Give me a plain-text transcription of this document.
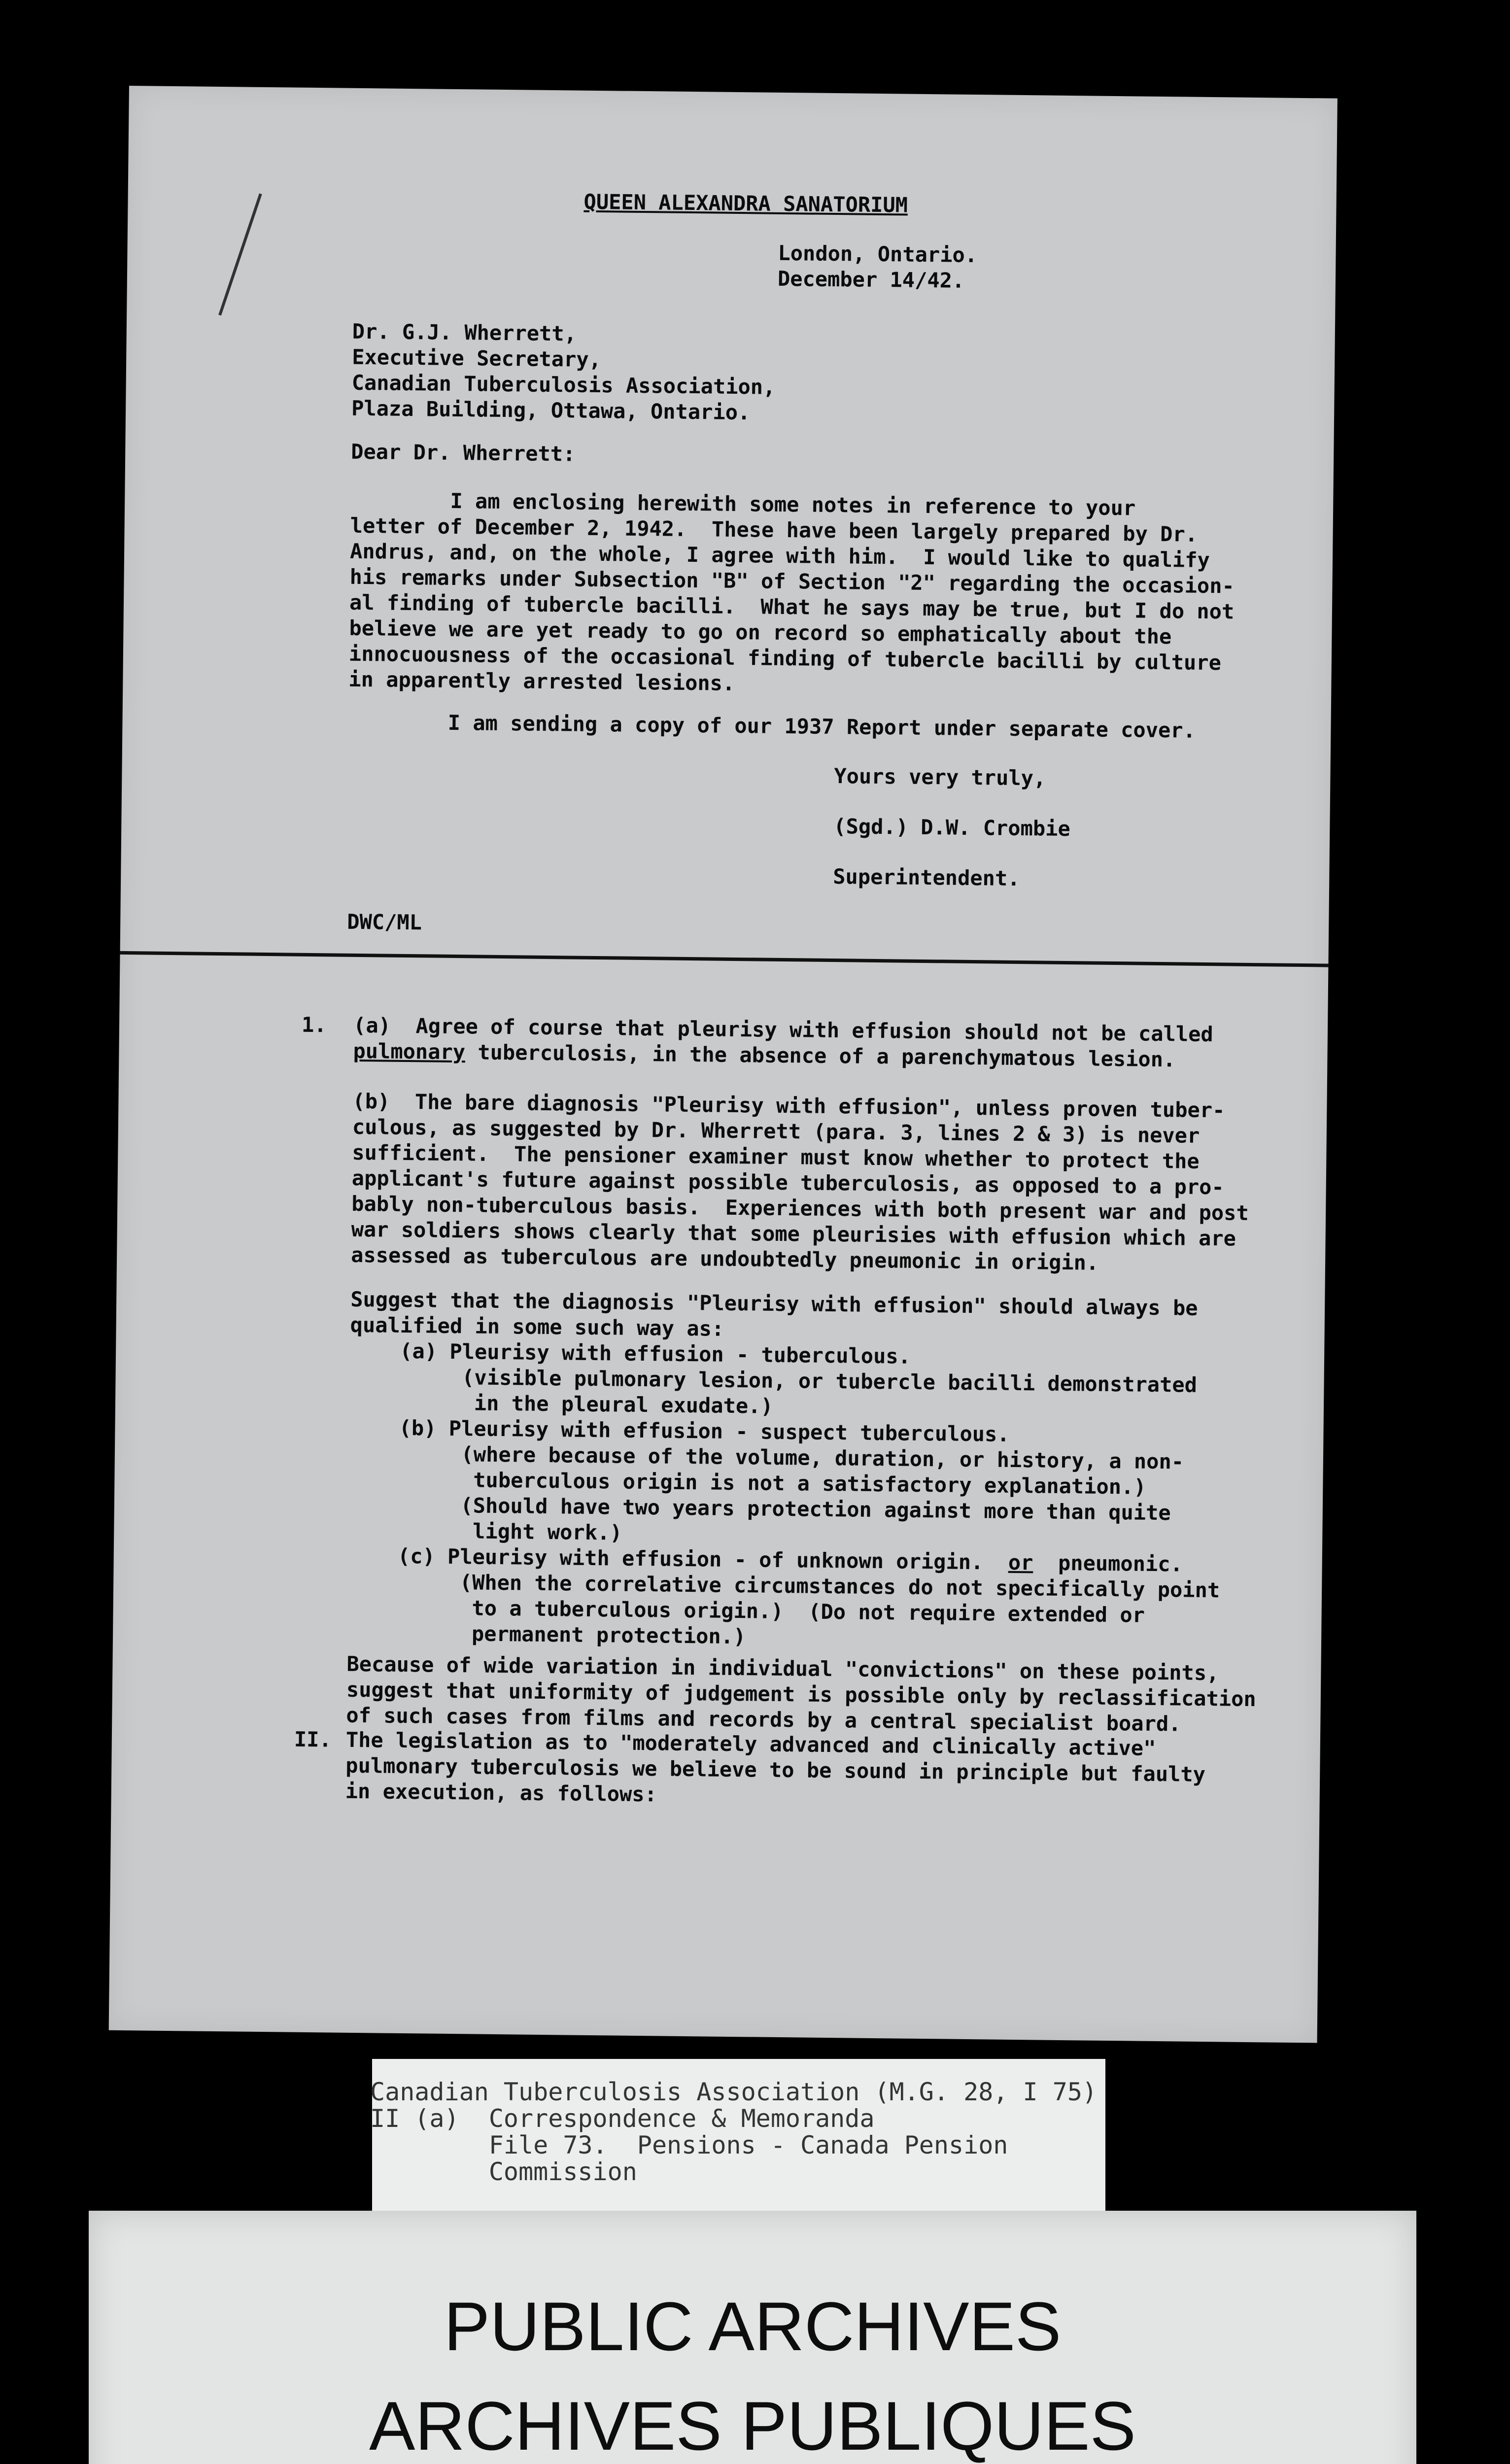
QUEEN ALEXANDRA SANATORIUM

London, Ontario.

December 14/42.

Dr. G.J. Wherrett,

Executive Secretary,

Canadian Tuberculosis Association,

Plaza Building, Ottawa, Ontario.

Dear Dr. Wherrett:

I am enclosing herewith some notes in reference to your

letter of December 2, 1942.  These have been largely prepared by Dr.

Andrus, and, on the whole, I agree with him.  I would like to qualify

his remarks under Subsection "B" of Section "2" regarding the occasion-

al finding of tubercle bacilli.  What he says may be true, but I do not

believe we are yet ready to go on record so emphatically about the

innocuousness of the occasional finding of tubercle bacilli by culture

in apparently arrested lesions.

I am sending a copy of our 1937 Report under separate cover.

Yours very truly,

(Sgd.) D.W. Crombie

Superintendent.

DWC/ML

1. (a)  Agree of course that pleurisy with effusion should not be called

pulmonary tuberculosis, in the absence of a parenchymatous lesion.

(b)  The bare diagnosis "Pleurisy with effusion", unless proven tuber-

culous, as suggested by Dr. Wherrett (para. 3, lines 2 & 3) is never

sufficient.  The pensioner examiner must know whether to protect the

applicant's future against possible tuberculosis, as opposed to a pro-

bably non-tuberculous basis.  Experiences with both present war and post

war soldiers shows clearly that some pleurisies with effusion which are

assessed as tuberculous are undoubtedly pneumonic in origin.

Suggest that the diagnosis "Pleurisy with effusion" should always be

qualified in some such way as:

(a) Pleurisy with effusion - tuberculous.

(visible pulmonary lesion, or tubercle bacilli demonstrated

in the pleural exudate.)

(b) Pleurisy with effusion - suspect tuberculous.

(where because of the volume, duration, or history, a non-

tuberculous origin is not a satisfactory explanation.)

(Should have two years protection against more than quite

light work.)

(c) Pleurisy with effusion - of unknown origin.  or  pneumonic.

(When the correlative circumstances do not specifically point

to a tuberculous origin.)  (Do not require extended or

permanent protection.)

Because of wide variation in individual "convictions" on these points,

suggest that uniformity of judgement is possible only by reclassification

of such cases from films and records by a central specialist board.

II. The legislation as to "moderately advanced and clinically active"

pulmonary tuberculosis we believe to be sound in principle but faulty

in execution, as follows:

Canadian Tuberculosis Association (M.G. 28, I 75)

II (a)  Correspondence & Memoranda

File 73.  Pensions - Canada Pension

Commission

PUBLIC ARCHIVES

ARCHIVES PUBLIQUES
